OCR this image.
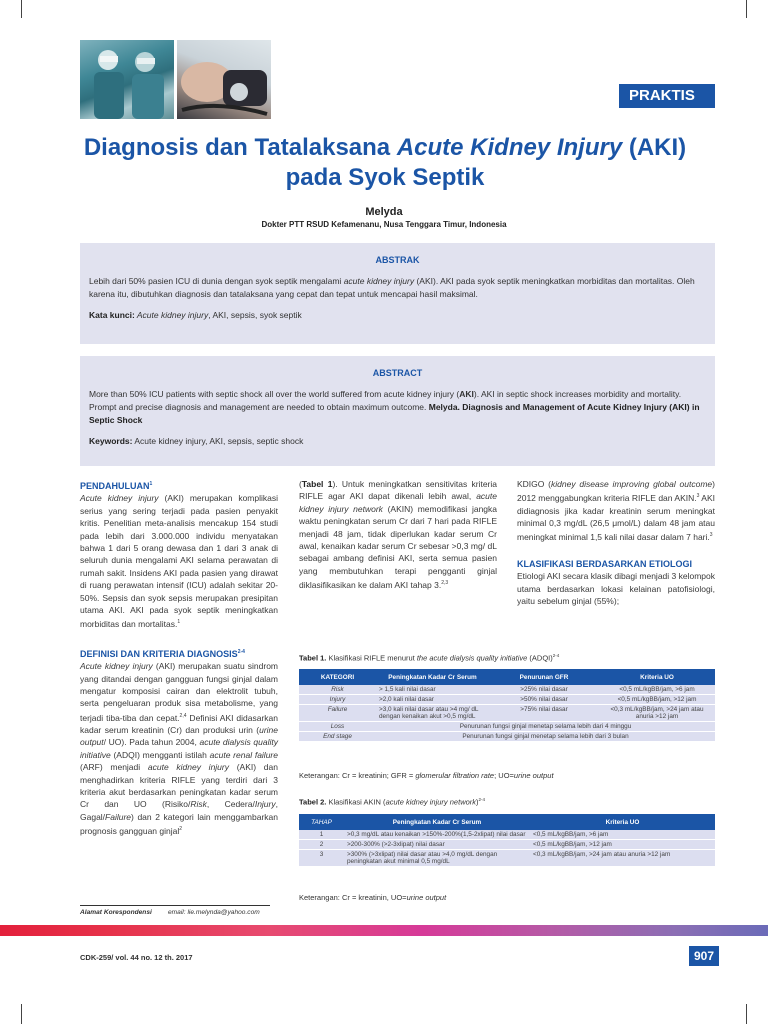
PRAKTIS
Diagnosis dan Tatalaksana Acute Kidney Injury (AKI)
pada Syok Septik
Melyda
Dokter PTT RSUD Kefamenanu, Nusa Tenggara Timur, Indonesia
ABSTRAK

Lebih dari 50% pasien ICU di dunia dengan syok septik mengalami acute kidney injury (AKI). AKI pada syok septik meningkatkan morbiditas dan mortalitas. Oleh karena itu, dibutuhkan diagnosis dan tatalaksana yang cepat dan tepat untuk mencapai hasil maksimal.

Kata kunci: Acute kidney injury, AKI, sepsis, syok septik

ABSTRACT

More than 50% ICU patients with septic shock all over the world suffered from acute kidney injury (AKI). AKI in septic shock increases morbidity and mortality. Prompt and precise diagnosis and management are needed to obtain maximum outcome. Melyda. Diagnosis and Management of Acute Kidney Injury (AKI) in Septic Shock

Keywords: Acute kidney injury, AKI, sepsis, septic shock

PENDAHULUAN$^1$

Acute kidney injury (AKI) merupakan komplikasi serius yang sering terjadi pada pasien penyakit kritis. Penelitian meta-analisis mencakup 154 studi pada lebih dari 3.000.000 individu menyatakan bahwa 1 dari 5 orang dewasa dan 1 dari 3 anak di seluruh dunia mengalami AKI selama perawatan di rumah sakit. Insidens AKI pada pasien yang dirawat di ruang perawatan intensif (ICU) adalah sekitar 20-50%. Sepsis dan syok sepsis merupakan presipitan utama AKI. AKI pada syok septik meningkatkan morbiditas dan mortalitas.$^1$

DEFINISI DAN KRITERIA DIAGNOSIS$^{2-4}$

Acute kidney injury (AKI) merupakan suatu sindrom yang ditandai dengan gangguan fungsi ginjal dalam mengatur komposisi cairan dan elektrolit tubuh, serta pengeluaran produk sisa metabolisme, yang terjadi tiba-tiba dan cepat.$^{2,4}$ Definisi AKI didasarkan kadar serum kreatinin (Cr) dan produksi urin (urine output/ UO). Pada tahun 2004, acute dialysis quality initiative (ADQI) mengganti istilah acute renal failure (ARF) menjadi acute kidney injury (AKI) dan menghadirkan kriteria RIFLE yang terdiri dari 3 kriteria akut berdasarkan peningkatan kadar serum Cr dan UO (Risiko/Risk, Cedera/Injury, Gagal/Failure) dan 2 kategori lain menggambarkan prognosis gangguan ginjal$^2$

(Tabel 1). Untuk meningkatkan sensitivitas kriteria RIFLE agar AKI dapat dikenali lebih awal, acute kidney injury network (AKIN) memodifikasi jangka waktu peningkatan serum Cr dari 7 hari pada RIFLE menjadi 48 jam, tidak diperlukan kadar serum Cr awal, kenaikan kadar serum Cr sebesar >0,3 mg/ dL sebagai ambang definisi AKI, serta semua pasien yang membutuhkan terapi pengganti ginjal diklasifikasikan ke dalam AKI tahap 3.$^{2,3}$

KDIGO (kidney disease improving global outcome) 2012 menggabungkan kriteria RIFLE dan AKIN.$^3$ AKI didiagnosis jika kadar kreatinin serum meningkat minimal 0,3 mg/dL (26,5 μmol/L) dalam 48 jam atau meningkat minimal 1,5 kali nilai dasar dalam 7 hari.$^3$

KLASIFIKASI BERDASARKAN ETIOLOGI

Etiologi AKI secara klasik dibagi menjadi 3 kelompok utama berdasarkan lokasi kelainan patofisiologi, yaitu sebelum ginjal (55%);

Tabel 1. Klasifikasi RIFLE menurut the acute dialysis quality initiative (ADQI)$^{2-4}$
KATEGORI	Peningkatan Kadar Cr Serum	Penurunan GFR	Kriteria UO
Risk	> 1,5 kali nilai dasar	>25% nilai dasar	<0,5 mL/kgBB/jam, >6 jam
Injury	>2,0 kali nilai dasar	>50% nilai dasar	<0,5 mL/kgBB/jam, >12 jam
Failure	>3,0 kali nilai dasar atau >4 mg/ dL dengan kenaikan akut >0,5 mg/dL	>75% nilai dasar	<0,3 mL/kgBB/jam, >24 jam atau anuria >12 jam
Loss	Penurunan fungsi ginjal menetap selama lebih dari 4 minggu		
End stage	Penurunan fungsi ginjal menetap selama lebih dari 3 bulan		
Keterangan: Cr = kreatinin; GFR = glomerular filtration rate; UO=urine output
Tabel 2. Klasifikasi AKIN (acute kidney injury network)$^{2-4}$
TAHAP	Peningkatan Kadar Cr Serum	Kriteria UO
1	>0,3 mg/dL atau kenaikan >150%-200%(1,5-2xlipat) nilai dasar	<0,5 mL/kgBB/jam, >6 jam
2	>200-300% (>2-3xlipat) nilai dasar	<0,5 mL/kgBB/jam, >12 jam
3	>300% (>3xlipat) nilai dasar atau >4,0 mg/dL dengan peningkatan akut minimal 0,5 mg/dL	<0,3 mL/kgBB/jam, >24 jam atau anuria >12 jam
Keterangan: Cr = kreatinin, UO=urine output
Alamat Korespondensi email: lie.melynda@yahoo.com
CDK-259/ vol. 44 no. 12 th. 2017	907
